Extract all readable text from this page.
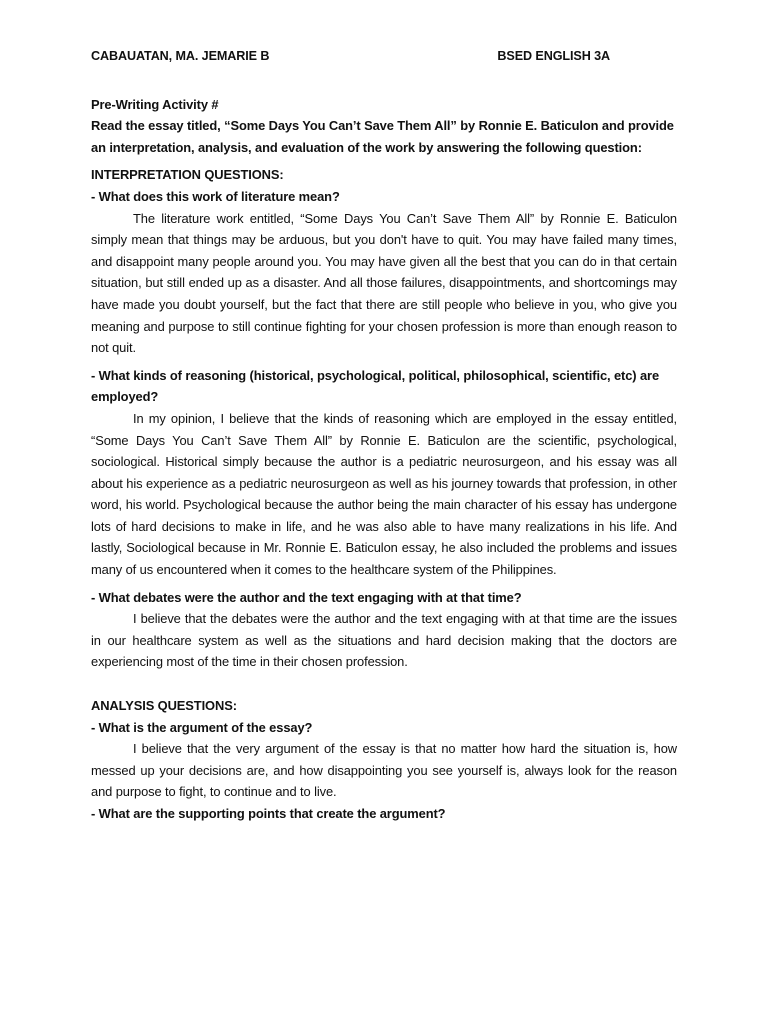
CABAUATAN, MA. JEMARIE B	BSED ENGLISH 3A
Pre-Writing Activity #
Read the essay titled, “Some Days You Can’t Save Them All” by Ronnie E. Baticulon and provide an interpretation, analysis, and evaluation of the work by answering the following question:
INTERPRETATION QUESTIONS:

- What does this work of literature mean?

The literature work entitled, “Some Days You Can’t Save Them All” by Ronnie E. Baticulon simply mean that things may be arduous, but you don't have to quit. You may have failed many times, and disappoint many people around you. You may have given all the best that you can do in that certain situation, but still ended up as a disaster. And all those failures, disappointments, and shortcomings may have made you doubt yourself, but the fact that there are still people who believe in you, who give you meaning and purpose to still continue fighting for your chosen profession is more than enough reason to not quit.

- What kinds of reasoning (historical, psychological, political, philosophical, scientific, etc) are employed?

In my opinion, I believe that the kinds of reasoning which are employed in the essay entitled, “Some Days You Can’t Save Them All” by Ronnie E. Baticulon are the scientific, psychological, sociological. Historical simply because the author is a pediatric neurosurgeon, and his essay was all about his experience as a pediatric neurosurgeon as well as his journey towards that profession, in other word, his world. Psychological because the author being the main character of his essay has undergone lots of hard decisions to make in life, and he was also able to have many realizations in his life. And lastly, Sociological because in Mr. Ronnie E. Baticulon essay, he also included the problems and issues many of us encountered when it comes to the healthcare system of the Philippines.

- What debates were the author and the text engaging with at that time?

I believe that the debates were the author and the text engaging with at that time are the issues in our healthcare system as well as the situations and hard decision making that the doctors are experiencing most of the time in their chosen profession.

ANALYSIS QUESTIONS:

- What is the argument of the essay?

I believe that the very argument of the essay is that no matter how hard the situation is, how messed up your decisions are, and how disappointing you see yourself is, always look for the reason and purpose to fight, to continue and to live.

- What are the supporting points that create the argument?
